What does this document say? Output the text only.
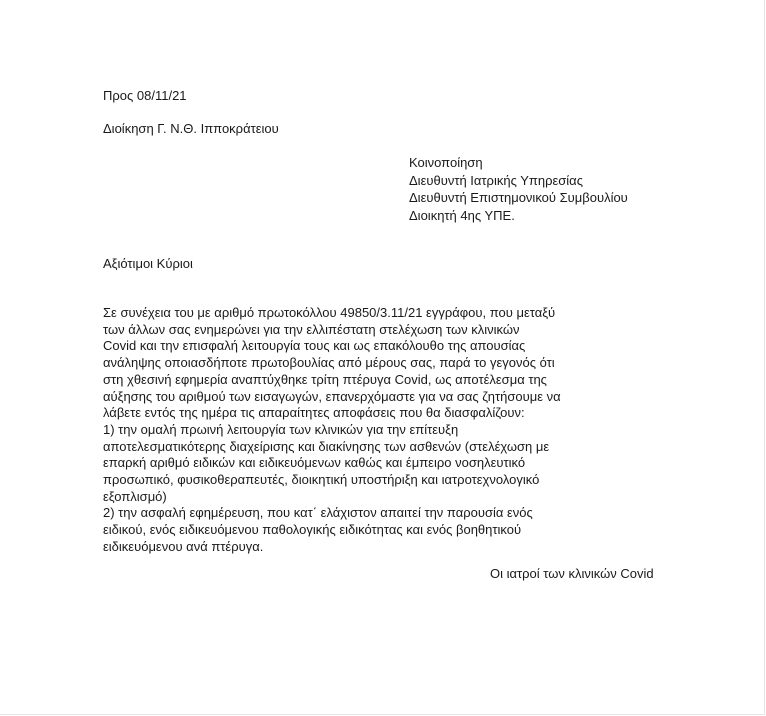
Προς 08/11/21
Διοίκηση Γ. Ν.Θ. Ιπποκράτειου
Κοινοποίηση
Διευθυντή Ιατρικής Υπηρεσίας
Διευθυντή Επιστημονικού Συμβουλίου
Διοικητή 4ης ΥΠΕ.
Αξιότιμοι Κύριοι
Σε συνέχεια του με αριθμό πρωτοκόλλου 49850/3.11/21 εγγράφου, που μεταξύ
των άλλων σας ενημερώνει για την ελλιπέστατη στελέχωση των κλινικών
Covid και την επισφαλή λειτουργία τους και ως επακόλουθο της απουσίας
ανάληψης οποιασδήποτε πρωτοβουλίας από μέρους σας, παρά το γεγονός ότι
στη χθεσινή εφημερία αναπτύχθηκε τρίτη πτέρυγα Covid, ως αποτέλεσμα της
αύξησης του αριθμού των εισαγωγών, επανερχόμαστε για να σας ζητήσουμε να
λάβετε εντός της ημέρα τις απαραίτητες αποφάσεις που θα διασφαλίζουν:
1) την ομαλή πρωινή λειτουργία των κλινικών για την επίτευξη
αποτελεσματικότερης διαχείρισης και διακίνησης των ασθενών (στελέχωση με
επαρκή αριθμό ειδικών και ειδικευόμενων καθώς και έμπειρο νοσηλευτικό
προσωπικό, φυσικοθεραπευτές, διοικητική υποστήριξη και ιατροτεχνολογικό
εξοπλισμό)
2) την ασφαλή εφημέρευση, που κατ΄ ελάχιστον απαιτεί την παρουσία ενός
ειδικού, ενός ειδικευόμενου παθολογικής ειδικότητας και ενός βοηθητικού
ειδικευόμενου ανά πτέρυγα.
Οι ιατροί των κλινικών Covid
